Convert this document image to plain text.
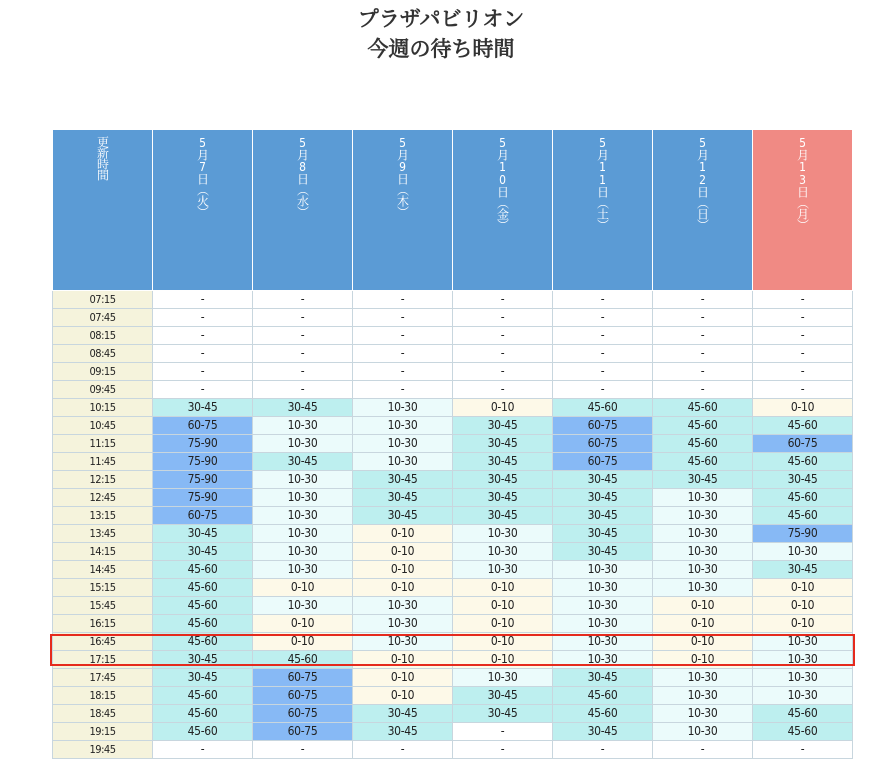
プラザパビリオン
今週の待ち時間
更新時間	5月7日（火）	5月8日（水）	5月9日（木）	5月10日（金）	5月11日（土）	5月12日（日）	5月13日（月）
07:15	-	-	-	-	-	-	-
07:45	-	-	-	-	-	-	-
08:15	-	-	-	-	-	-	-
08:45	-	-	-	-	-	-	-
09:15	-	-	-	-	-	-	-
09:45	-	-	-	-	-	-	-
10:15	30-45	30-45	10-30	0-10	45-60	45-60	0-10
10:45	60-75	10-30	10-30	30-45	60-75	45-60	45-60
11:15	75-90	10-30	10-30	30-45	60-75	45-60	60-75
11:45	75-90	30-45	10-30	30-45	60-75	45-60	45-60
12:15	75-90	10-30	30-45	30-45	30-45	30-45	30-45
12:45	75-90	10-30	30-45	30-45	30-45	10-30	45-60
13:15	60-75	10-30	30-45	30-45	30-45	10-30	45-60
13:45	30-45	10-30	0-10	10-30	30-45	10-30	75-90
14:15	30-45	10-30	0-10	10-30	30-45	10-30	10-30
14:45	45-60	10-30	0-10	10-30	10-30	10-30	30-45
15:15	45-60	0-10	0-10	0-10	10-30	10-30	0-10
15:45	45-60	10-30	10-30	0-10	10-30	0-10	0-10
16:15	45-60	0-10	10-30	0-10	10-30	0-10	0-10
16:45	45-60	0-10	10-30	0-10	10-30	0-10	10-30
17:15	30-45	45-60	0-10	0-10	10-30	0-10	10-30
17:45	30-45	60-75	0-10	10-30	30-45	10-30	10-30
18:15	45-60	60-75	0-10	30-45	45-60	10-30	10-30
18:45	45-60	60-75	30-45	30-45	45-60	10-30	45-60
19:15	45-60	60-75	30-45	-	30-45	10-30	45-60
19:45	-	-	-	-	-	-	-
